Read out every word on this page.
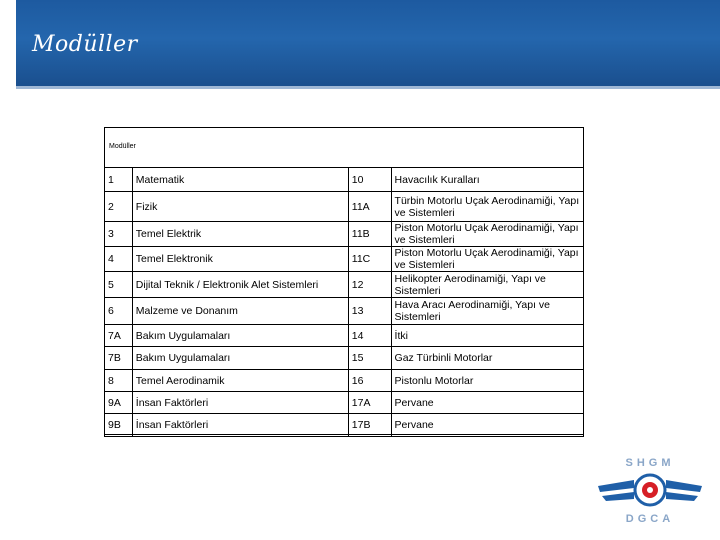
Modüller
Modüller
1	Matematik	10	Havacılık Kuralları
2	Fizik	11A	Türbin Motorlu Uçak Aerodinamiği, Yapı ve Sistemleri
3	Temel Elektrik	11B	Piston Motorlu Uçak Aerodinamiği, Yapı ve Sistemleri
4	Temel Elektronik	11C	Piston Motorlu Uçak Aerodinamiği, Yapı ve Sistemleri
5	Dijital Teknik / Elektronik Alet Sistemleri	12	Helikopter Aerodinamiği, Yapı ve Sistemleri
6	Malzeme ve Donanım	13	Hava Aracı Aerodinamiği, Yapı ve Sistemleri
7A	Bakım Uygulamaları	14	İtki
7B	Bakım Uygulamaları	15	Gaz Türbinli Motorlar
8	Temel Aerodinamik	16	Pistonlu Motorlar
9A	İnsan Faktörleri	17A	Pervane
9B	İnsan Faktörleri	17B	Pervane
SHGM
DGCA
